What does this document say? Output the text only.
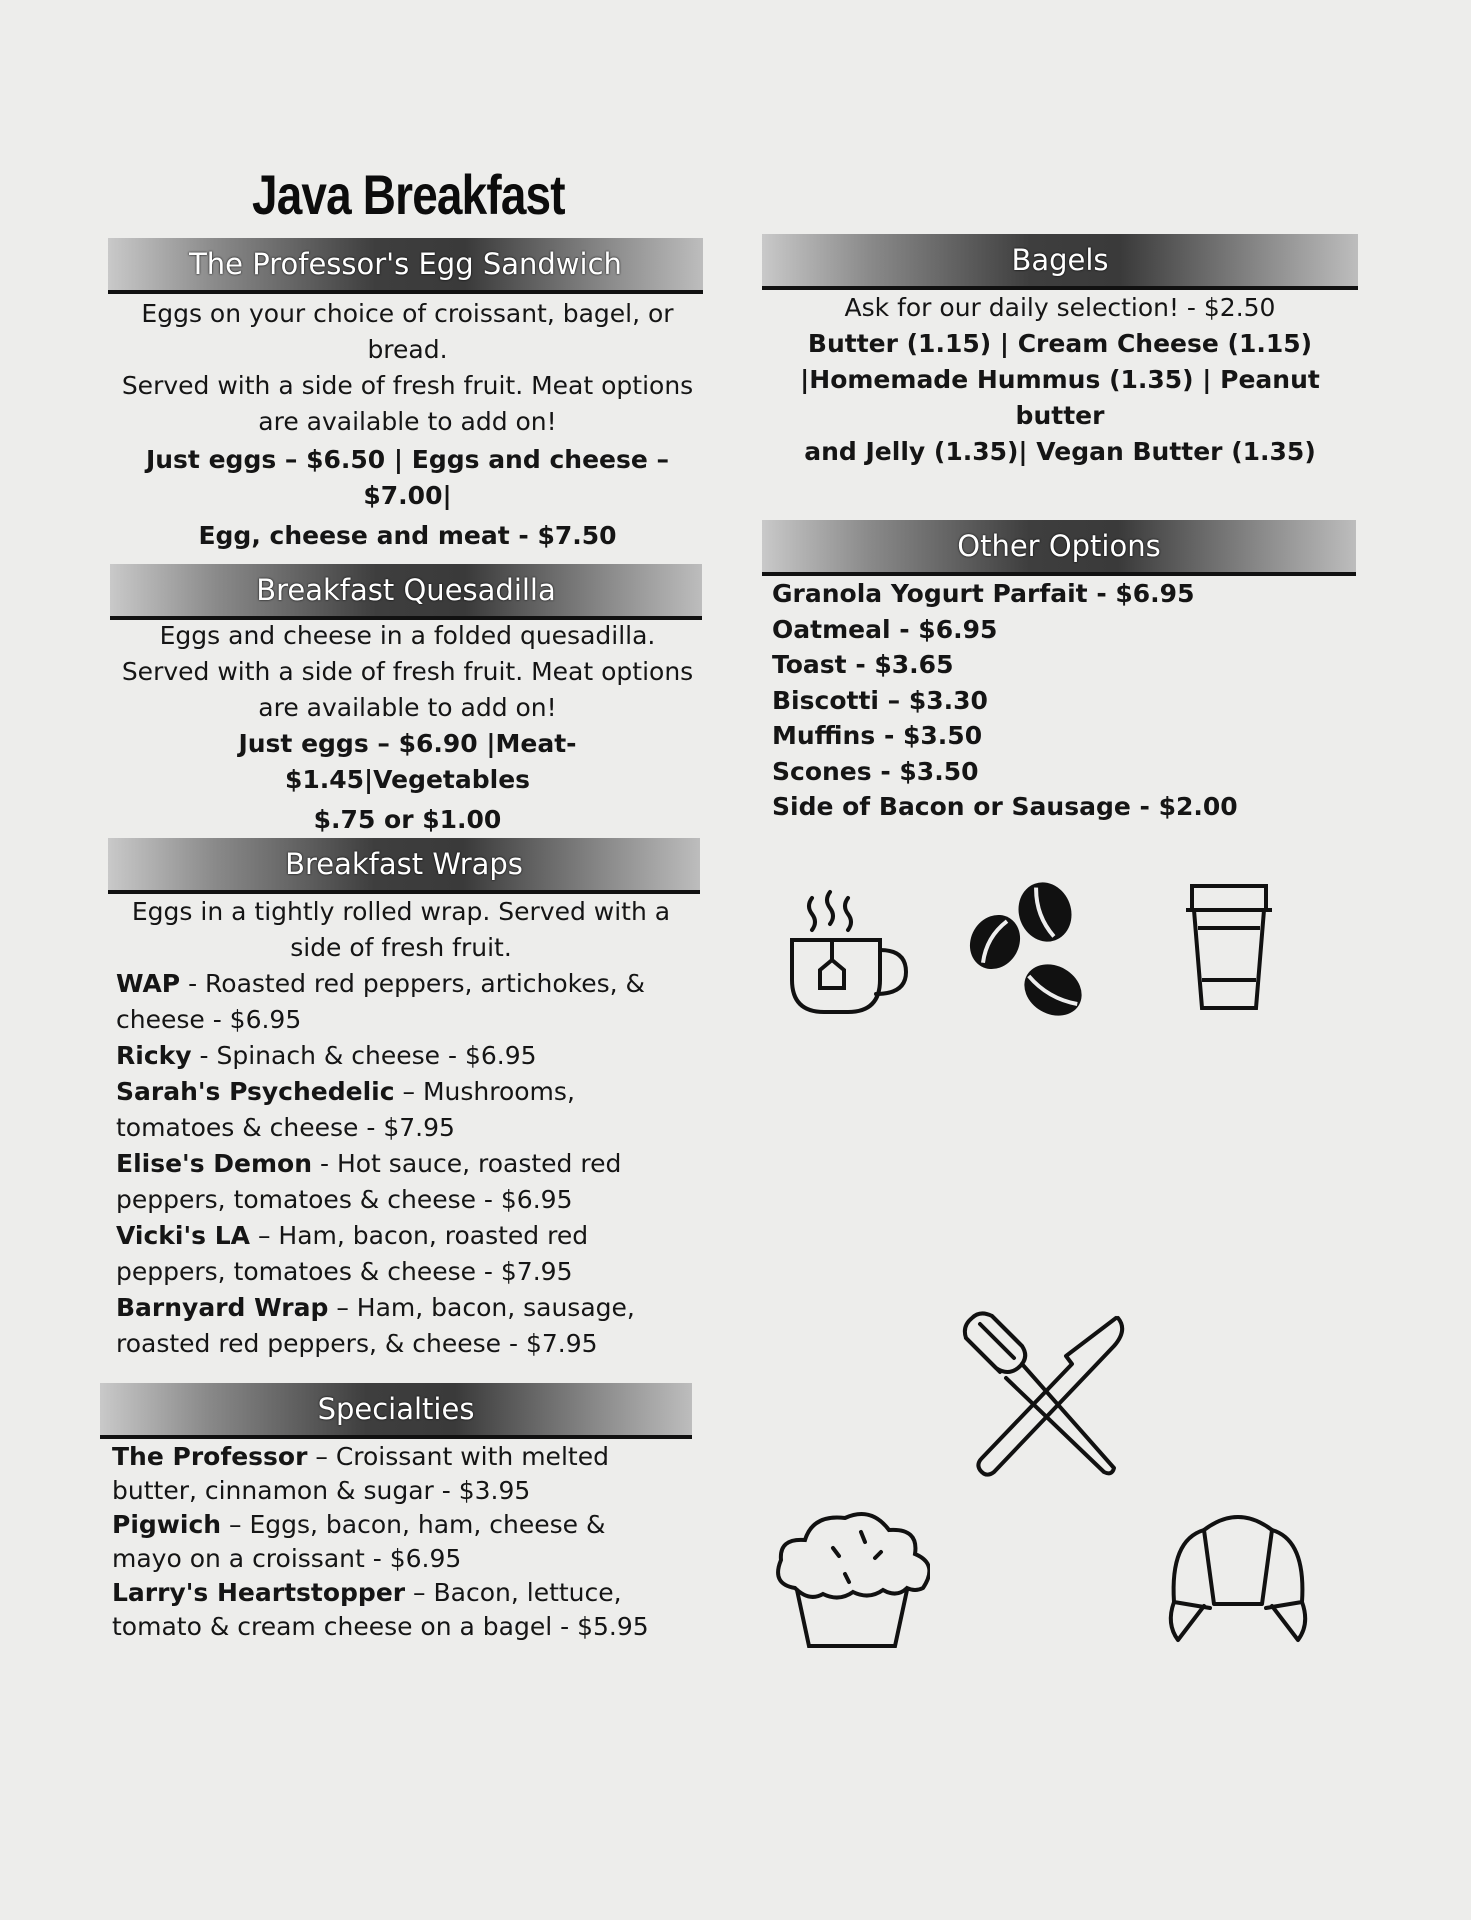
Java Breakfast
The Professor's Egg Sandwich

Eggs on your choice of croissant, bagel, or bread.

Served with a side of fresh fruit. Meat options are available to add on!

Just eggs – $6.50 | Eggs and cheese – $7.00|

Egg, cheese and meat - $7.50

Breakfast Quesadilla

Eggs and cheese in a folded quesadilla.

Served with a side of fresh fruit. Meat options are available to add on!

Just eggs – $6.90 |Meat- $1.45|Vegetables

$.75 or $1.00

Breakfast Wraps

Eggs in a tightly rolled wrap. Served with a side of fresh fruit.

WAP - Roasted red peppers, artichokes, & cheese - $6.95

Ricky - Spinach & cheese - $6.95

Sarah's Psychedelic – Mushrooms, tomatoes & cheese - $7.95

Elise's Demon - Hot sauce, roasted red peppers, tomatoes & cheese - $6.95

Vicki's LA – Ham, bacon, roasted red peppers, tomatoes & cheese - $7.95

Barnyard Wrap – Ham, bacon, sausage, roasted red peppers, & cheese - $7.95

Specialties

The Professor – Croissant with melted butter, cinnamon & sugar - $3.95

Pigwich – Eggs, bacon, ham, cheese & mayo on a croissant - $6.95

Larry's Heartstopper – Bacon, lettuce, tomato & cream cheese on a bagel - $5.95

Bagels

Ask for our daily selection! - $2.50

Butter (1.15) | Cream Cheese (1.15)

|Homemade Hummus (1.35) | Peanut butter

and Jelly (1.35)| Vegan Butter (1.35)

Other Options

Granola Yogurt Parfait - $6.95

Oatmeal - $6.95

Toast - $3.65

Biscotti – $3.30

Muffins - $3.50

Scones - $3.50

Side of Bacon or Sausage - $2.00
